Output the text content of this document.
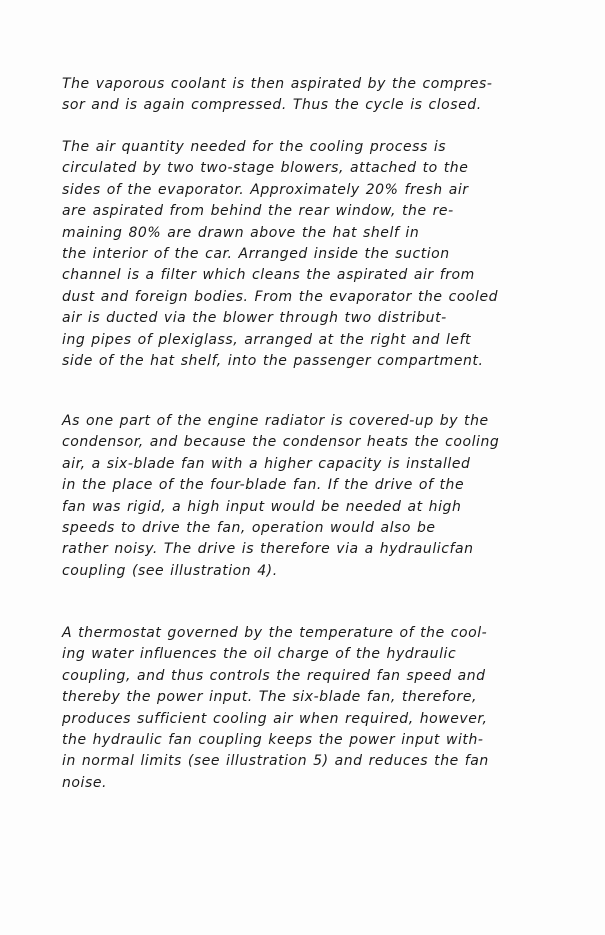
The vaporous coolant is then aspirated by the compres-
sor and is again compressed. Thus the cycle is closed.

The air quantity needed for the cooling process is
circulated by two two-stage blowers, attached to the
sides of the evaporator. Approximately 20% fresh air
are aspirated from behind the rear window, the re-
maining 80% are drawn above the hat shelf in
the interior of the car. Arranged inside the suction
channel is a filter which cleans the aspirated air from
dust and foreign bodies. From the evaporator the cooled
air is ducted via the blower through two distribut-
ing pipes of plexiglass, arranged at the right and left
side of the hat shelf, into the passenger compartment.

As one part of the engine radiator is covered-up by the
condensor, and because the condensor heats the cooling
air, a six-blade fan with a higher capacity is installed
in the place of the four-blade fan. If the drive of the
fan was rigid, a high input would be needed at high
speeds to drive the fan, operation would also be
rather noisy. The drive is therefore via a hydraulicfan
coupling (see illustration 4).

A thermostat governed by the temperature of the cool-
ing water influences the oil charge of the hydraulic
coupling, and thus controls the required fan speed and
thereby the power input. The six-blade fan, therefore,
produces sufficient cooling air when required, however,
the hydraulic fan coupling keeps the power input with-
in normal limits (see illustration 5) and reduces the fan
noise.
